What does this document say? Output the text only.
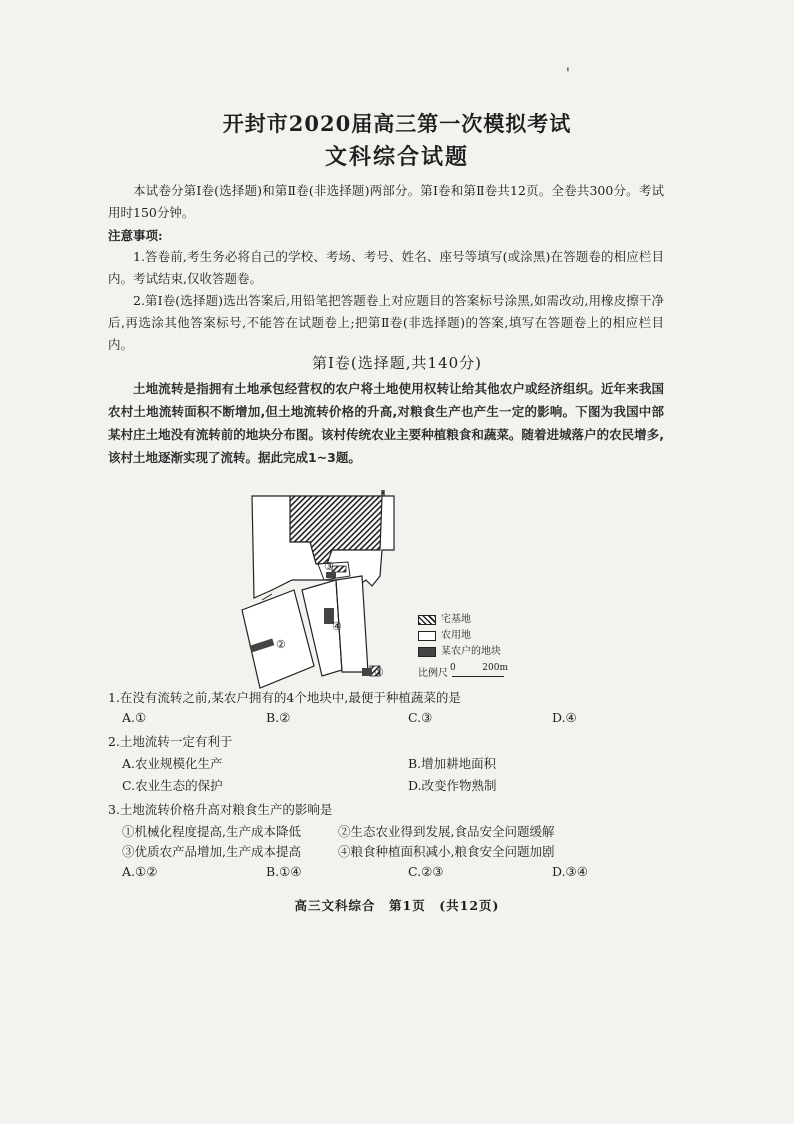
'
开封市2020届高三第一次模拟考试
文科综合试题
本试卷分第Ⅰ卷(选择题)和第Ⅱ卷(非选择题)两部分。第Ⅰ卷和第Ⅱ卷共12页。全卷共300分。考试用时150分钟。
注意事项:
1.答卷前,考生务必将自己的学校、考场、考号、姓名、座号等填写(或涂黑)在答题卷的相应栏目内。考试结束,仅收答题卷。
2.第Ⅰ卷(选择题)选出答案后,用铅笔把答题卷上对应题目的答案标号涂黑,如需改动,用橡皮擦干净后,再选涂其他答案标号,不能答在试题卷上;把第Ⅱ卷(非选择题)的答案,填写在答题卷上的相应栏目内。
第Ⅰ卷(选择题,共140分)
土地流转是指拥有土地承包经营权的农户将土地使用权转让给其他农户或经济组织。近年来我国农村土地流转面积不断增加,但土地流转价格的升高,对粮食生产也产生一定的影响。下图为我国中部某村庄土地没有流转前的地块分布图。该村传统农业主要种植粮食和蔬菜。随着进城落户的农民增多,该村土地逐渐实现了流转。据此完成1~3题。
③
④
②
①
宅基地
农用地
某农户的地块
比例尺 0	200m
1.在没有流转之前,某农户拥有的4个地块中,最便于种植蔬菜的是
A.①	B.②	C.③	D.④
2.土地流转一定有利于
A.农业规模化生产	B.增加耕地面积
C.农业生态的保护	D.改变作物熟制
3.土地流转价格升高对粮食生产的影响是
①机械化程度提高,生产成本降低	②生态农业得到发展,食品安全问题缓解
③优质农产品增加,生产成本提高	④粮食种植面积减小,粮食安全问题加剧
A.①②	B.①④	C.②③	D.③④
高三文科综合　第1页　(共12页)
